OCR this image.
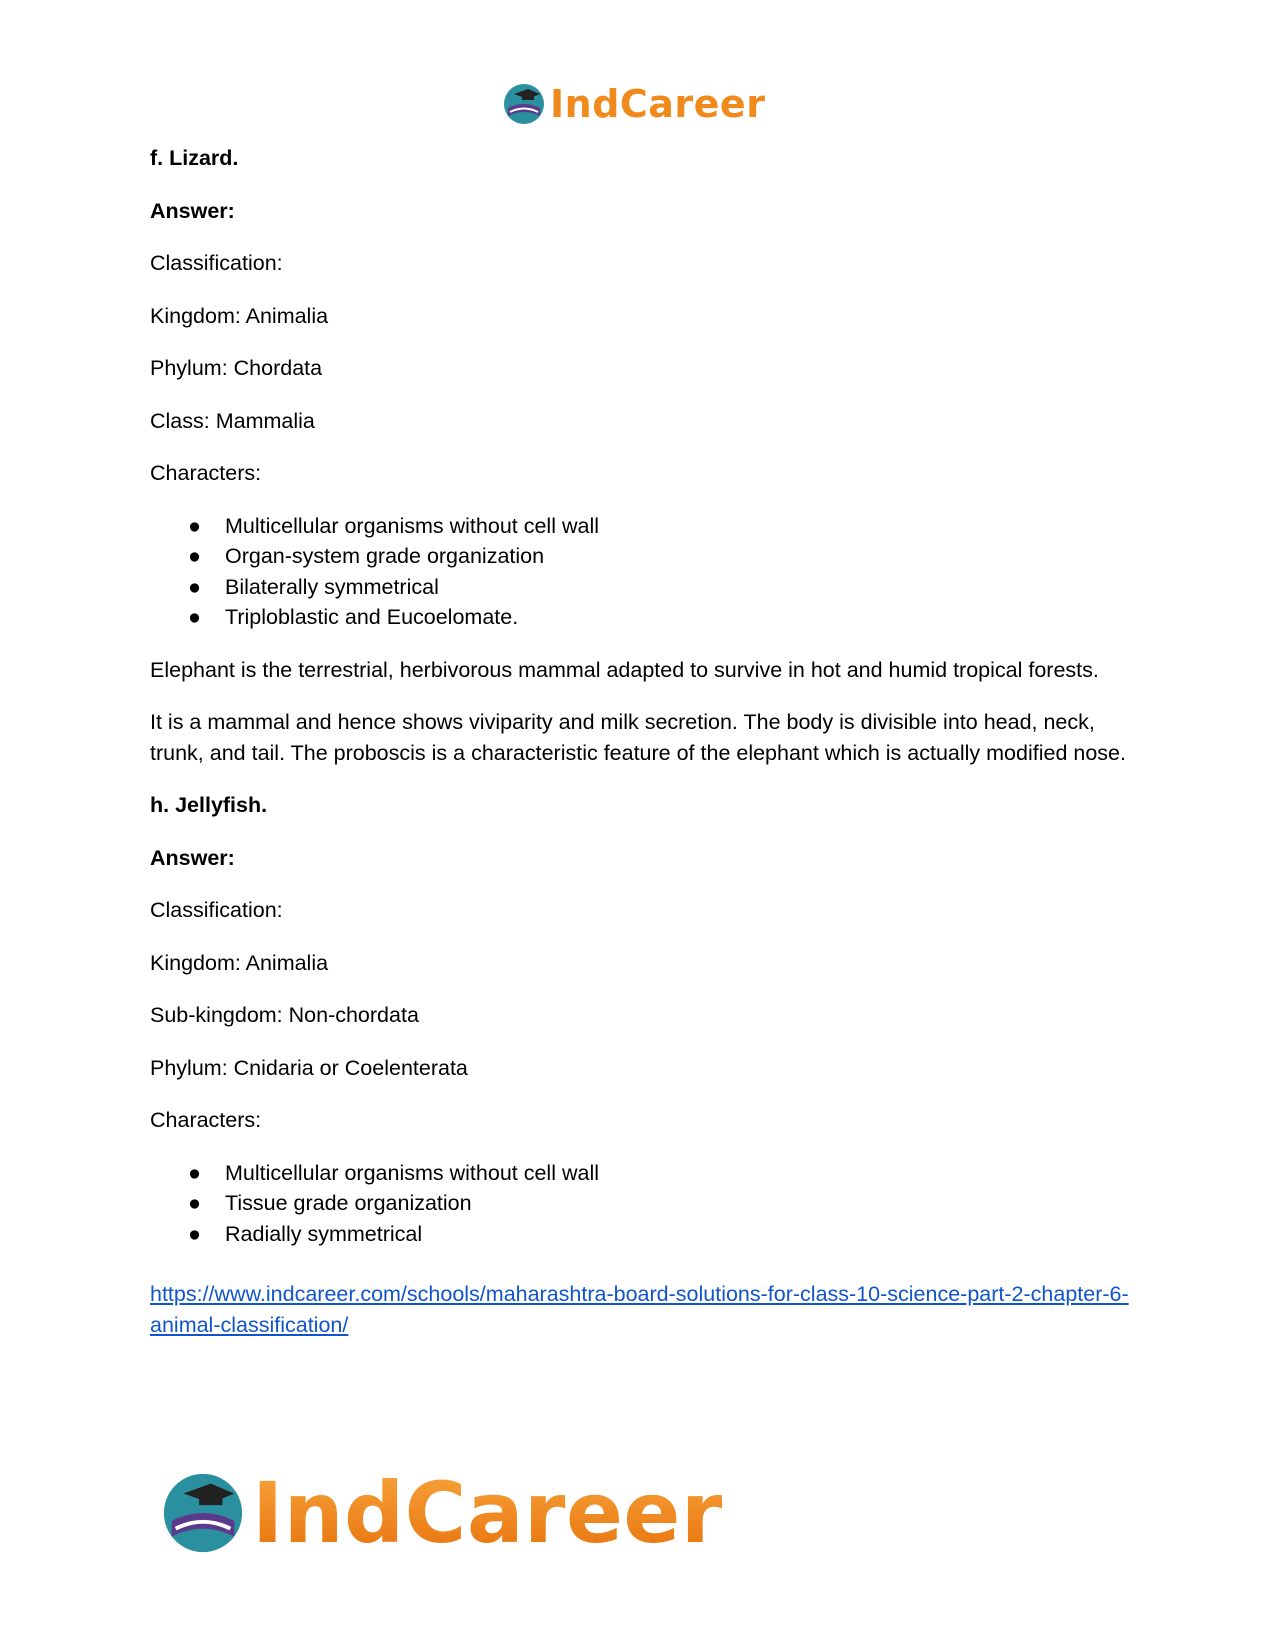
IndCareer

f. Lizard.

Answer:

Classification:

Kingdom: Animalia

Phylum: Chordata

Class: Mammalia

Characters:

● Multicellular organisms without cell wall
● Organ-system grade organization
● Bilaterally symmetrical
● Triploblastic and Eucoelomate.

Elephant is the terrestrial, herbivorous mammal adapted to survive in hot and humid tropical forests.

It is a mammal and hence shows viviparity and milk secretion. The body is divisible into head, neck, trunk, and tail. The proboscis is a characteristic feature of the elephant which is actually modified nose.

h. Jellyfish.

Answer:

Classification:

Kingdom: Animalia

Sub-kingdom: Non-chordata

Phylum: Cnidaria or Coelenterata

Characters:

● Multicellular organisms without cell wall
● Tissue grade organization
● Radially symmetrical
https://www.indcareer.com/schools/maharashtra-board-solutions-for-class-10-science-part-2-chapter-6-animal-classification/
IndCareer
